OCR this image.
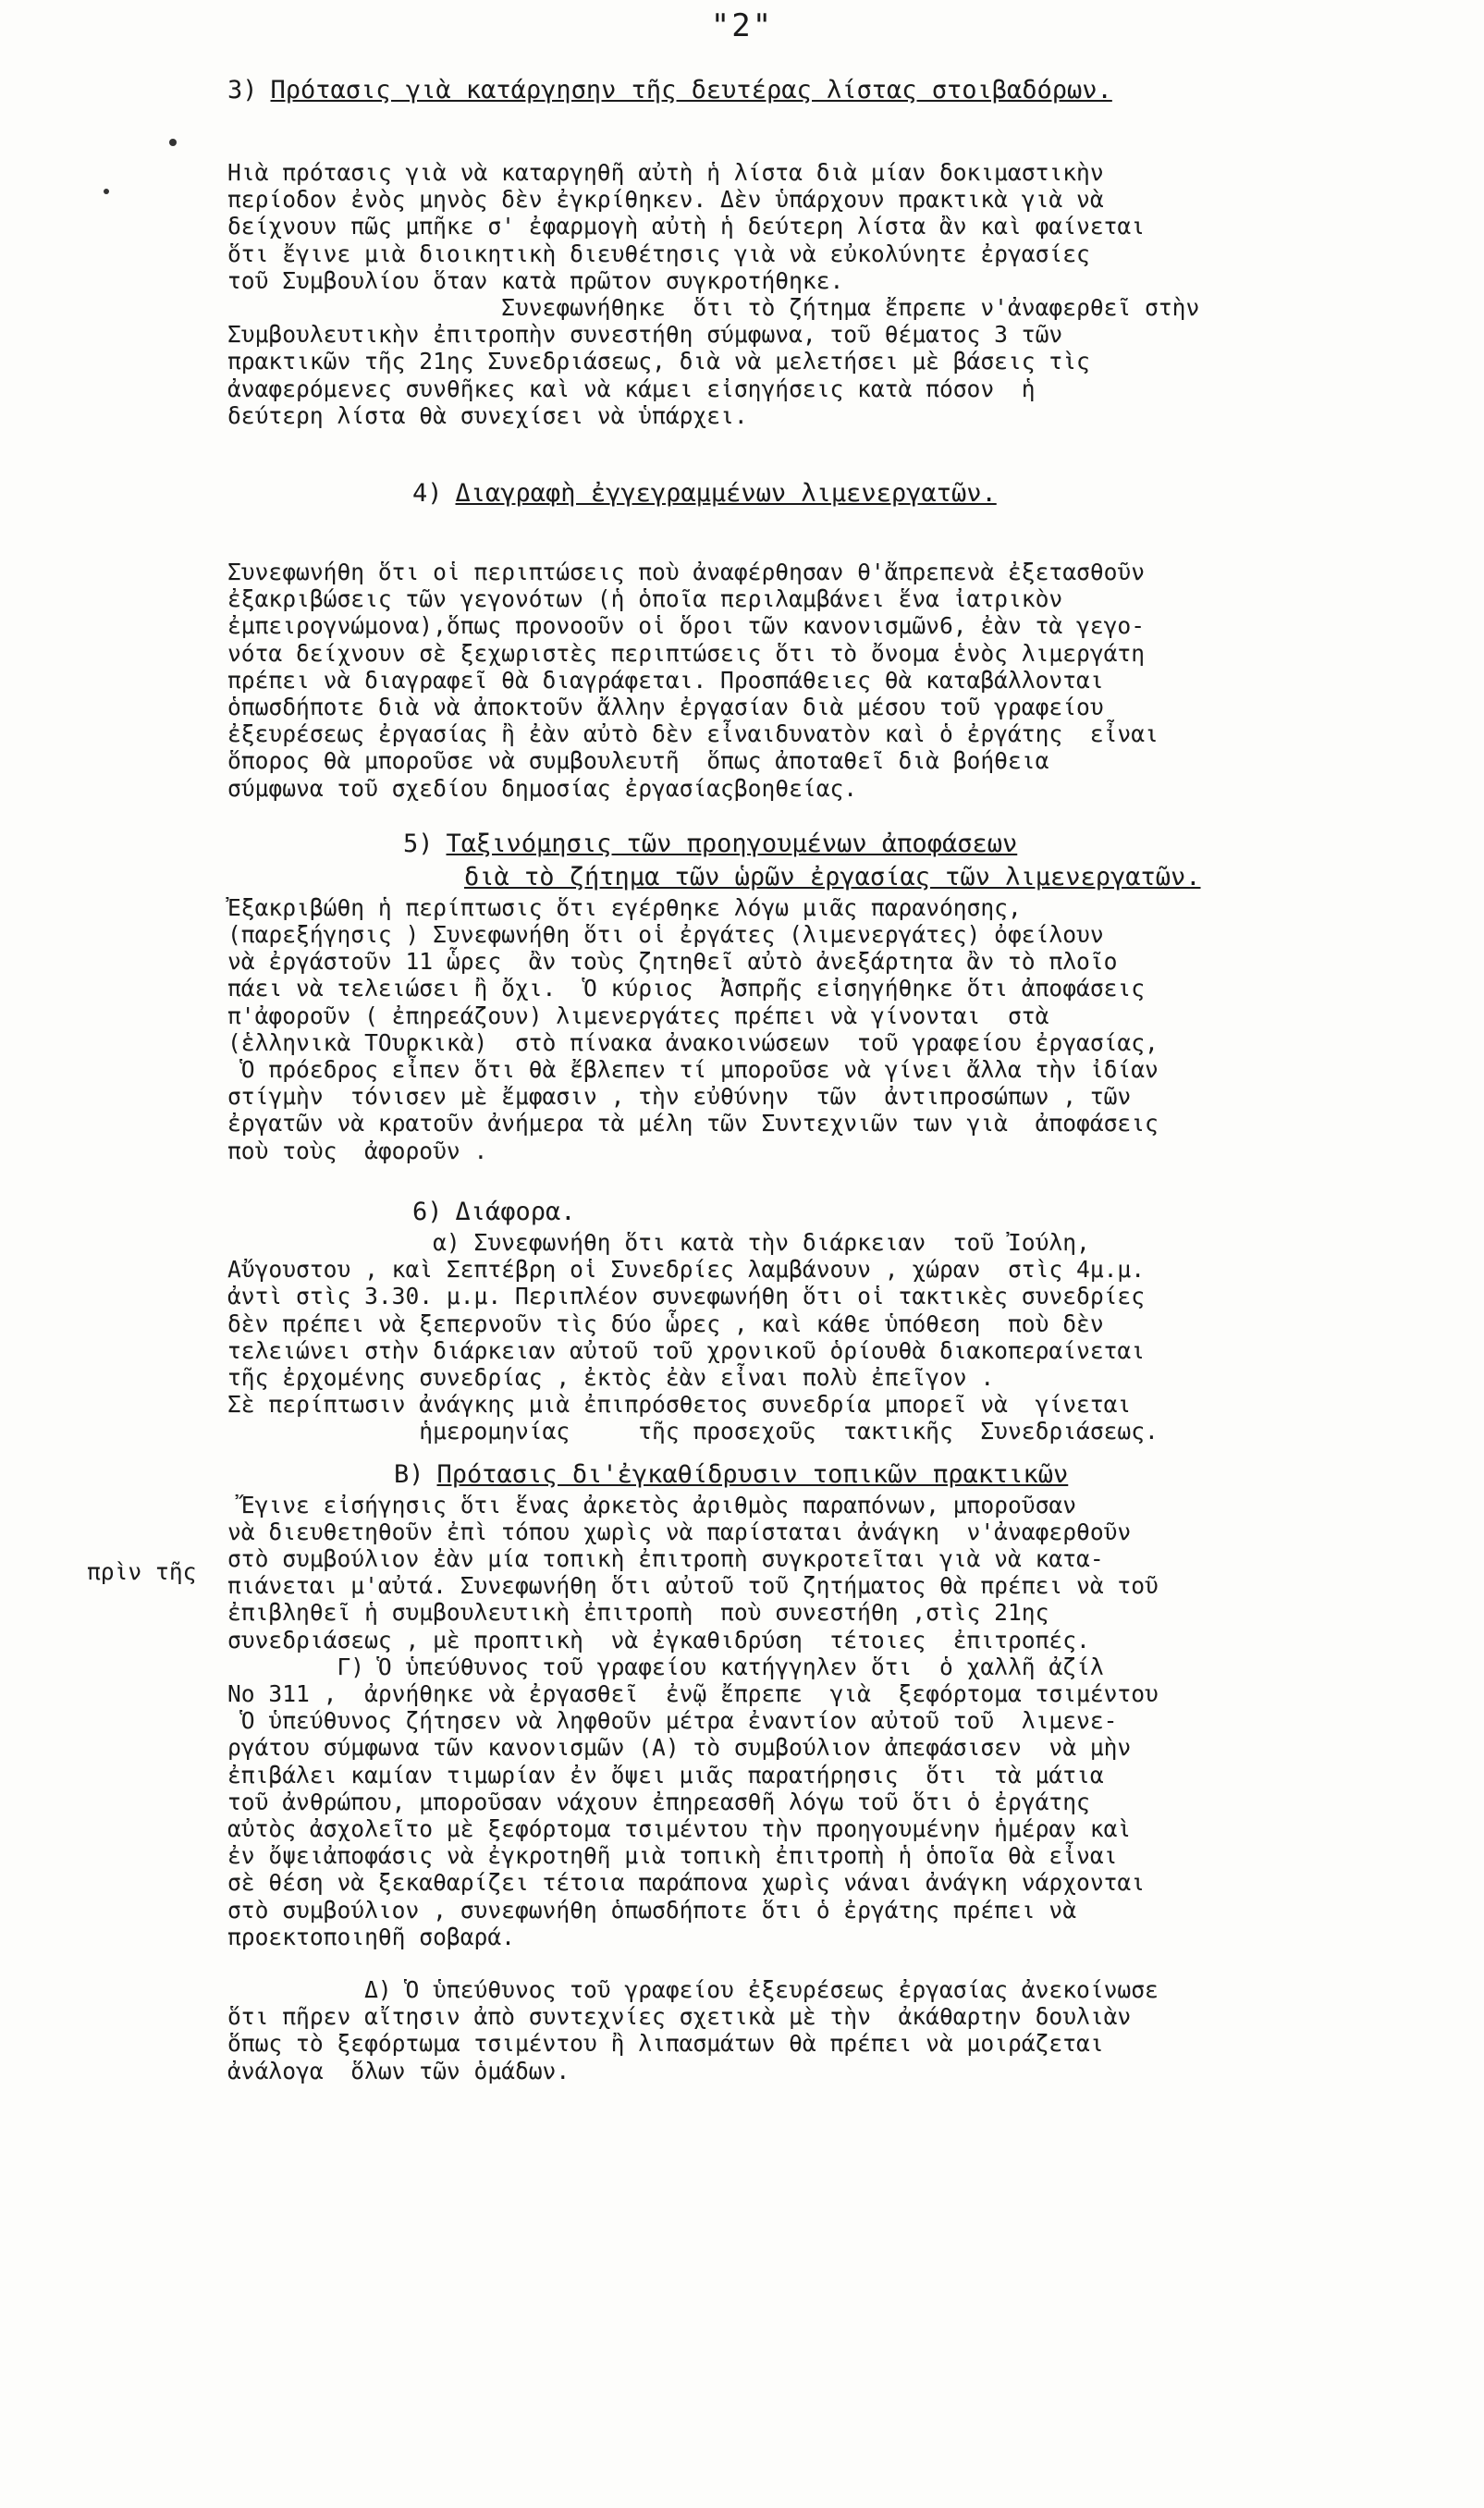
"2"
πρὶν τῆς
3) Πρότασις γιὰ κατάργησην τῆς δευτέρας λίστας στοιβαδόρων.
Ηιὰ πρότασις γιὰ νὰ καταργηθῆ αὐτὴ ἡ λίστα διὰ μίαν δοκιμαστικὴν
περίοδον ἐνὸς μηνὸς δὲν ἐγκρίθηκεν. Δὲν ὑπάρχουν πρακτικὰ γιὰ νὰ
δείχνουν πῶς μπῆκε σ' ἐφαρμογὴ αὐτὴ ἡ δεύτερη λίστα ἂν καὶ φαίνεται
ὅτι ἔγινε μιὰ διοικητικὴ διευθέτησις γιὰ νὰ εὐκολύνητε ἐργασίες
τοῦ Συμβουλίου ὅταν κατὰ πρῶτον συγκροτήθηκε.
Συνεφωνήθηκε  ὅτι τὸ ζήτημα ἔπρεπε ν'ἀναφερθεῖ στὴν
Συμβουλευτικὴν ἐπιτροπὴν συνεστήθη σύμφωνα, τοῦ θέματος 3 τῶν
πρακτικῶν τῆς 21ης Συνεδριάσεως, διὰ νὰ μελετήσει μὲ βάσεις τὶς
ἀναφερόμενες συνθῆκες καὶ νὰ κάμει εἰσηγήσεις κατὰ πόσον  ἡ
δεύτερη λίστα θὰ συνεχίσει νὰ ὑπάρχει.
4) Διαγραφὴ ἐγγεγραμμένων λιμενεργατῶν.
Συνεφωνήθη ὅτι οἱ περιπτώσεις ποὺ ἀναφέρθησαν θ'ἄπρεπενὰ ἐξετασθοῦν
ἐξακριβώσεις τῶν γεγονότων (ἡ ὁποῖα περιλαμβάνει ἕνα ἰατρικὸν
ἐμπειρογνώμονα),ὅπως προνοοῦν οἱ ὅροι τῶν κανονισμῶν6, ἐὰν τὰ γεγο-
νότα δείχνουν σὲ ξεχωριστὲς περιπτώσεις ὅτι τὸ ὄνομα ἑνὸς λιμεργάτη
πρέπει νὰ διαγραφεῖ θὰ διαγράφεται. Προσπάθειες θὰ καταβάλλονται
ὁπωσδήποτε διὰ νὰ ἀποκτοῦν ἄλλην ἐργασίαν διὰ μέσου τοῦ γραφείου
ἐξευρέσεως ἐργασίας ἢ ἐὰν αὐτὸ δὲν εἶναιδυνατὸν καὶ ὁ ἐργάτης  εἶναι
ὅπορος θὰ μποροῦσε νὰ συμβουλευτῆ  ὅπως ἀποταθεῖ διὰ βοήθεια
σύμφωνα τοῦ σχεδίου δημοσίας ἐργασίαςβοηθείας.
5) Ταξινόμησις τῶν προηγουμένων ἀποφάσεων
διὰ τὸ ζήτημα τῶν ὡρῶν ἐργασίας τῶν λιμενεργατῶν.
Ἐξακριβώθη ἡ περίπτωσις ὅτι εγέρθηκε λόγω μιᾶς παρανόησης,
(παρεξήγησις ) Συνεφωνήθη ὅτι οἱ ἐργάτες (λιμενεργάτες) ὀφείλουν
νὰ ἐργάστοῦν 11 ὧρες  ἂν τοὺς ζητηθεῖ αὐτὸ ἀνεξάρτητα ἂν τὸ πλοῖο
πάει νὰ τελειώσει ἢ ὄχι.  Ὁ κύριος  Ἀσπρῆς εἰσηγήθηκε ὅτι ἀποφάσεις
π'ἀφοροῦν ( ἐπηρεάζουν) λιμενεργάτες πρέπει νὰ γίνονται  στὰ
(ἑλληνικὰ ΤΟυρκικὰ)  στὸ πίνακα ἀνακοινώσεων  τοῦ γραφείου ἐργασίας,
Ὁ πρόεδρος εἶπεν ὅτι θὰ ἔβλεπεν τί μποροῦσε νὰ γίνει ἄλλα τὴν ἰδίαν
στίγμὴν  τόνισεν μὲ ἔμφασιν , τὴν εὐθύνην  τῶν  ἀντιπροσώπων , τῶν
ἐργατῶν νὰ κρατοῦν ἀνήμερα τὰ μέλη τῶν Συντεχνιῶν των γιὰ  ἀποφάσεις
ποὺ τοὺς  ἀφοροῦν .
6) Διάφορα.
α) Συνεφωνήθη ὅτι κατὰ τὴν διάρκειαν  τοῦ Ἰούλη,
Αὔγουστου , καὶ Σεπτέβρη οἱ Συνεδρίες λαμβάνουν , χώραν  στὶς 4μ.μ.
ἀντὶ στὶς 3.30. μ.μ. Περιπλέον συνεφωνήθη ὅτι οἱ τακτικὲς συνεδρίες
δὲν πρέπει νὰ ξεπερνοῦν τὶς δύο ὧρες , καὶ κάθε ὑπόθεση  ποὺ δὲν
τελειώνει στὴν διάρκειαν αὐτοῦ τοῦ χρονικοῦ ὁρίουθὰ διακοπεραίνεται
τῆς ἐρχομένης συνεδρίας , ἐκτὸς ἐὰν εἶναι πολὺ ἐπεῖγον .
Σὲ περίπτωσιν ἀνάγκης μιὰ ἐπιπρόσθετος συνεδρία μπορεῖ νὰ  γίνεται
ἡμερομηνίας     τῆς προσεχοῦς  τακτικῆς  Συνεδριάσεως.
Β) Πρότασις δι'ἐγκαθίδρυσιν τοπικῶν πρακτικῶν
Ἔγινε εἰσήγησις ὅτι ἕνας ἀρκετὸς ἀριθμὸς παραπόνων, μποροῦσαν
νὰ διευθετηθοῦν ἐπὶ τόπου χωρὶς νὰ παρίσταται ἀνάγκη  ν'ἀναφερθοῦν
στὸ συμβούλιον ἐὰν μία τοπικὴ ἐπιτροπὴ συγκροτεῖται γιὰ νὰ κατα-
πιάνεται μ'αὐτά. Συνεφωνήθη ὅτι αὐτοῦ τοῦ ζητήματος θὰ πρέπει νὰ τοῦ
ἐπιβληθεῖ ἡ συμβουλευτικὴ ἐπιτροπὴ  ποὺ συνεστήθη ,στὶς 21ης
συνεδριάσεως , μὲ προπτικὴ  νὰ ἐγκαθιδρύση  τέτοιες  ἐπιτροπές.
Γ) Ὁ ὑπεύθυνος τοῦ γραφείου κατήγγηλεν ὅτι  ὁ χαλλῆ ἀζίλ
Νο 311 ,  ἀρνήθηκε νὰ ἐργασθεῖ  ἐνῷ ἔπρεπε  γιὰ  ξεφόρτομα τσιμέντου
Ὁ ὑπεύθυνος ζήτησεν νὰ ληφθοῦν μέτρα ἐναντίον αὐτοῦ τοῦ  λιμενε-
ργάτου σύμφωνα τῶν κανονισμῶν (Α) τὸ συμβούλιον ἀπεφάσισεν  νὰ μὴν
ἐπιβάλει καμίαν τιμωρίαν ἐν ὄψει μιᾶς παρατήρησις  ὅτι  τὰ μάτια
τοῦ ἀνθρώπου, μποροῦσαν νάχουν ἐπηρεασθῆ λόγω τοῦ ὅτι ὁ ἐργάτης
αὐτὸς ἀσχολεῖτο μὲ ξεφόρτομα τσιμέντου τὴν προηγουμένην ἡμέραν καὶ
ἐν ὄψειἀποφάσις νὰ ἐγκροτηθῆ μιὰ τοπικὴ ἐπιτροπὴ ἡ ὁποῖα θὰ εἶναι
σὲ θέση νὰ ξεκαθαρίζει τέτοια παράπονα χωρὶς νάναι ἀνάγκη νάρχονται
στὸ συμβούλιον , συνεφωνήθη ὁπωσδήποτε ὅτι ὁ ἐργάτης πρέπει νὰ
προεκτοποιηθῆ σοβαρά.
Δ) Ὁ ὑπεύθυνος τοῦ γραφείου ἐξευρέσεως ἐργασίας ἀνεκοίνωσε
ὅτι πῆρεν αἴτησιν ἀπὸ συντεχνίες σχετικὰ μὲ τὴν  ἀκάθαρτην δουλιὰν
ὅπως τὸ ξεφόρτωμα τσιμέντου ἢ λιπασμάτων θὰ πρέπει νὰ μοιράζεται
ἀνάλογα  ὅλων τῶν ὁμάδων.
